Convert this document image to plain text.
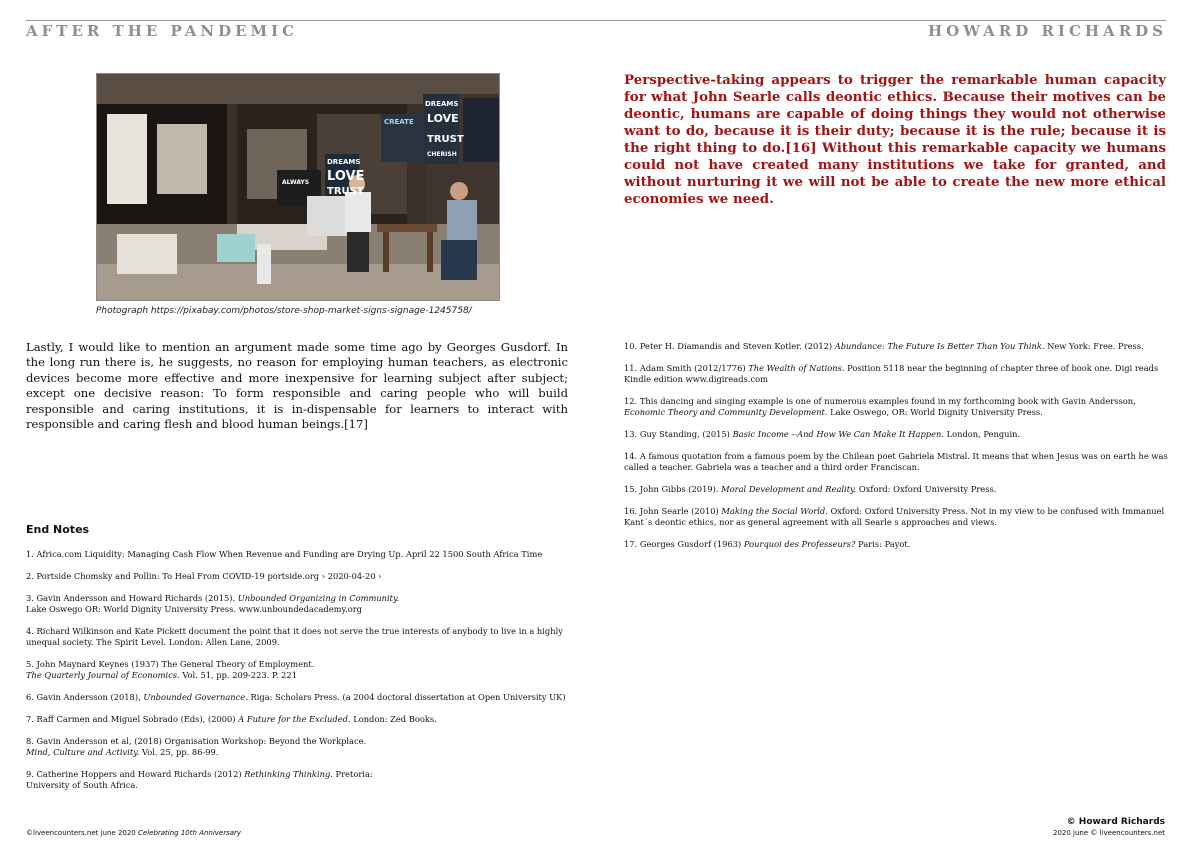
AFTER THE PANDEMIC	HOWARD RICHARDS
ALWAYS
DREAMS
LOVE
TRUST
CREATE
DREAMS
LOVE
TRUST
CHERISH
Photograph https://pixabay.com/photos/store-shop-market-signs-signage-1245758/
Perspective-taking appears to trigger the remarkable human capacity for what John Searle calls deontic ethics. Because their motives can be deontic, humans are capable of doing things they would not otherwise want to do, because it is their duty; because it is the rule; because it is the right thing to do.[16] Without this remarkable capacity we humans could not have created many institutions we take for granted, and without nurturing it we will not be able to create the new more ethical economies we need.
Lastly, I would like to mention an argument made some time ago by Georges Gusdorf. In the long run there is, he suggests, no reason for employing human teachers, as electronic devices become more effective and more inexpensive for learning subject after subject; except one decisive reason: To form responsible and caring people who will build responsible and caring institutions, it is in-dispensable for learners to interact with responsible and caring flesh and blood human beings.[17]
End Notes
1. Africa.com Liquidity: Managing Cash Flow When Revenue and Funding are Drying Up. April 22 1500 South Africa Time
2. Portside Chomsky and Pollin: To Heal From COVID-19 portside.org › 2020-04-20 ›
3. Gavin Andersson and Howard Richards (2015). Unbounded Organizing in Community.
Lake Oswego OR: World Dignity University Press. www.unboundedacademy.org
4. Richard Wilkinson and Kate Pickett document the point that it does not serve the true interests of anybody to live in a highly unequal society. The Spirit Level. London: Allen Lane, 2009.
5. John Maynard Keynes (1937) The General Theory of Employment.
The Quarterly Journal of Economics. Vol. 51, pp. 209-223. P. 221
6. Gavin Andersson (2018), Unbounded Governance. Riga: Scholars Press. (a 2004 doctoral dissertation at Open University UK)
7. Raff Carmen and Miguel Sobrado (Eds), (2000) A Future for the Excluded. London: Zed Books.
8. Gavin Andersson et al, (2018) Organisation Workshop: Beyond the Workplace.
Mind, Culture and Activity. Vol. 25, pp. 86-99.
9. Catherine Hoppers and Howard Richards (2012) Rethinking Thinking. Pretoria:
University of South Africa.
10. Peter H. Diamandis and Steven Kotler. (2012) Abundance: The Future Is Better Than You Think. New York: Free. Press.
11. Adam Smith (2012/1776) The Wealth of Nations. Position 5118 near the beginning of chapter three of book one. Digi reads Kindle edition www.digireads.com
12. This dancing and singing example is one of numerous examples found in my forthcoming book with Gavin Andersson, Economic Theory and Community Development. Lake Oswego, OR: World Dignity University Press.
13. Guy Standing, (2015) Basic Income --And How We Can Make It Happen. London, Penguin.
14. A famous quotation from a famous poem by the Chilean poet Gabriela Mistral. It means that when Jesus was on earth he was called a teacher. Gabriela was a teacher and a third order Franciscan.
15. John Gibbs (2019). Moral Development and Reality. Oxford: Oxford University Press.
16. John Searle (2010) Making the Social World. Oxford: Oxford University Press. Not in my view to be confused with Immanuel Kant´s deontic ethics, nor as general agreement with all Searle s approaches and views.
17. Georges Gusdorf (1963) Pourquoi des Professeurs? Paris: Payot.
©liveencounters.net june 2020 Celebrating 10th Anniversary
© Howard Richards
2020 june © liveencounters.net
